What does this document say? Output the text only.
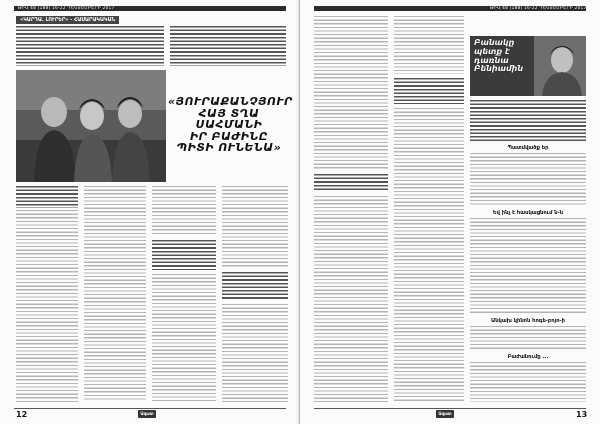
ԹԻՎ 48 (188) 16-22 ԴԵԿՏԵՄԲԵՐԻ 2017
«ԿԱՐԴԱ. ԼՈՒՐԵՐ» - ՀԱՍԱՐԱԿԱԿԱՆ
«ՅՈՒՐԱՔԱՆՉՅՈՒՐ
ՀԱՅ ՏՂԱ ՍԱՀՄԱՆԻ
ԻՐ ԲԱԺԻՆԸ
ՊԻՏԻ ՈՒՆԵՆԱ»
12	Ազատ
ԹԻՎ 48 (188) 16-22 ԴԵԿՏԵՄԲԵՐԻ 2017
Բանակը
պետք է
դառնա
Բենիամին
Պատմվածք եր
Եվ ինչ է հասկացնում ն-ն
Անկախ կինոն հոգե-բոյո-ի
Բաժանումը ...
Ազատ	13
